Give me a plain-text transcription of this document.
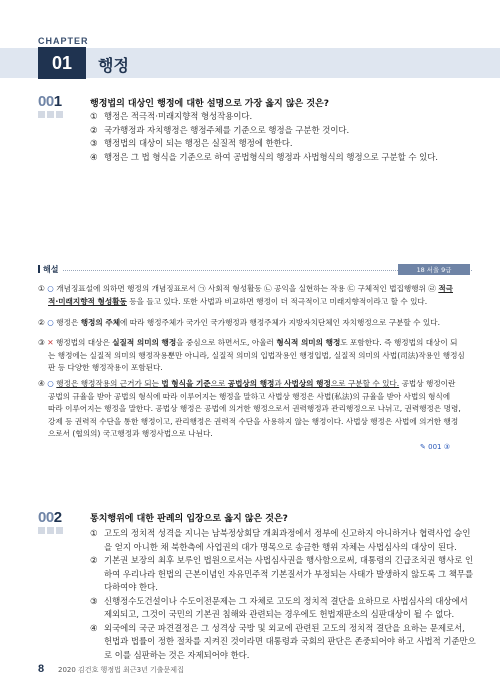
CHAPTER
01	행정
001	행정법의 대상인 행정에 대한 설명으로 가장 옳지 않은 것은?
① 행정은 적극적·미래지향적 형성작용이다.
② 국가행정과 자치행정은 행정주체를 기준으로 행정을 구분한 것이다.
③ 행정법의 대상이 되는 행정은 실질적 행정에 한한다.
④ 행정은 그 법 형식을 기준으로 하여 공법형식의 행정과 사법형식의 행정으로 구분할 수 있다.
해설	18 서울 9급
① ○ 개념징표설에 의하면 행정의 개념징표로서 ㉠ 사회적 형성활동 ㉡ 공익을 실현하는 작용 ㉢ 구체적인 법집행행위 ㉣ 적극
적·미래지향적 형성활동 등을 들고 있다. 또한 사법과 비교하면 행정이 더 적극적이고 미래지향적이라고 할 수 있다.
② ○ 행정은 행정의 주체에 따라 행정주체가 국가인 국가행정과 행정주체가 지방자치단체인 자치행정으로 구분할 수 있다.
③ ✕ 행정법의 대상은 실질적 의미의 행정을 중심으로 하면서도, 아울러 형식적 의미의 행정도 포함한다. 즉 행정법의 대상이 되
는 행정에는 실질적 의미의 행정작용뿐만 아니라, 실질적 의미의 입법작용인 행정입법, 실질적 의미의 사법(司法)작용인 행정심
판 등 다양한 행정작용이 포함된다.
④ ○ 행정은 행정작용의 근거가 되는 법 형식을 기준으로 공법상의 행정과 사법상의 행정으로 구분할 수 있다. 공법상 행정이란
공법의 규율을 받아 공법의 형식에 따라 이루어지는 행정을 말하고 사법상 행정은 사법(私法)의 규율을 받아 사법의 형식에
따라 이루어지는 행정을 말한다. 공법상 행정은 공법에 의거한 행정으로서 권력행정과 관리행정으로 나뉘고, 권력행정은 명령,
강제 등 권력적 수단을 통한 행정이고, 관리행정은 권력적 수단을 사용하지 않는 행정이다. 사법상 행정은 사법에 의거한 행정
으로서 (협의의) 국고행정과 행정사법으로 나뉜다.
✎ 001 ③
002	통치행위에 대한 판례의 입장으로 옳지 않은 것은?
① 고도의 정치적 성격을 지니는 남북정상회담 개최과정에서 정부에 신고하지 아니하거나 협력사업 승인
을 얻지 아니한 채 북한측에 사업권의 대가 명목으로 송금한 행위 자체는 사법심사의 대상이 된다.
② 기본권 보장의 최후 보루인 법원으로서는 사법심사권을 행사함으로써, 대통령의 긴급조치권 행사로 인
하여 우리나라 헌법의 근본이념인 자유민주적 기본질서가 부정되는 사태가 발생하지 않도록 그 책무를
다하여야 한다.
③ 신행정수도건설이나 수도이전문제는 그 자체로 고도의 정치적 결단을 요하므로 사법심사의 대상에서
제외되고, 그것이 국민의 기본권 침해와 관련되는 경우에도 헌법재판소의 심판대상이 될 수 없다.
④ 외국에의 국군 파견결정은 그 성격상 국방 및 외교에 관련된 고도의 정치적 결단을 요하는 문제로서,
헌법과 법률이 정한 절차를 지켜진 것이라면 대통령과 국회의 판단은 존중되어야 하고 사법적 기준만으
로 이를 심판하는 것은 자제되어야 한다.
8 2020 김건호 행정법 최근3년 기출문제집
